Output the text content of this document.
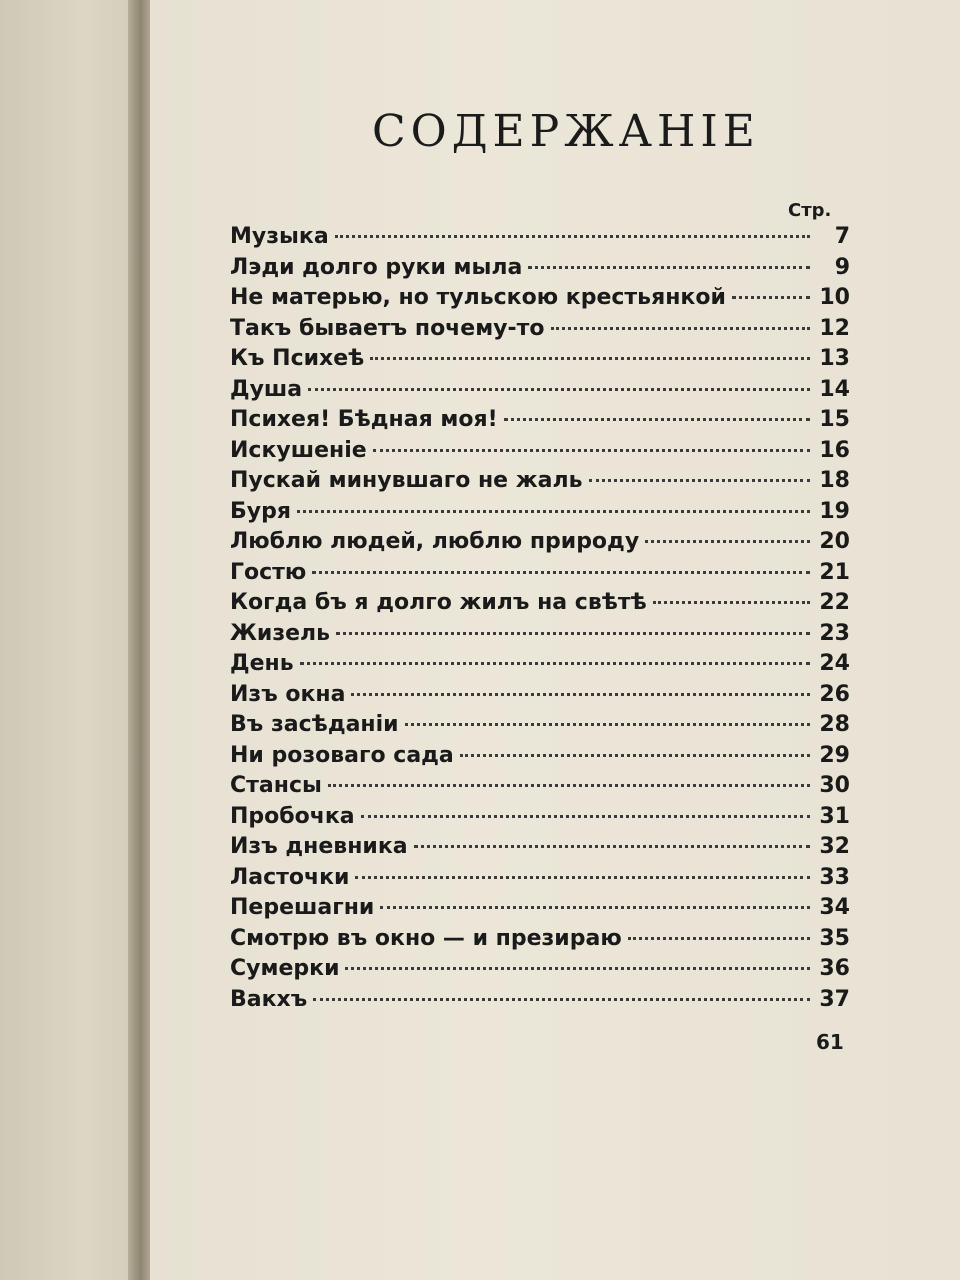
СОДЕРЖАНІЕ
Стр.
Музыка	7
Лэди долго руки мыла	9
Не матерью, но тульскою крестьянкой	10
Такъ бываетъ почему-то	12
Къ Психеѣ	13
Душа	14
Психея! Бѣдная моя!	15
Искушеніе	16
Пускай минувшаго не жаль	18
Буря	19
Люблю людей, люблю природу	20
Гостю	21
Когда бъ я долго жилъ на свѣтѣ	22
Жизель	23
День	24
Изъ окна	26
Въ засѣданіи	28
Ни розоваго сада	29
Стансы	30
Пробочка	31
Изъ дневника	32
Ласточки	33
Перешагни	34
Смотрю въ окно — и презираю	35
Сумерки	36
Вакхъ	37
61
